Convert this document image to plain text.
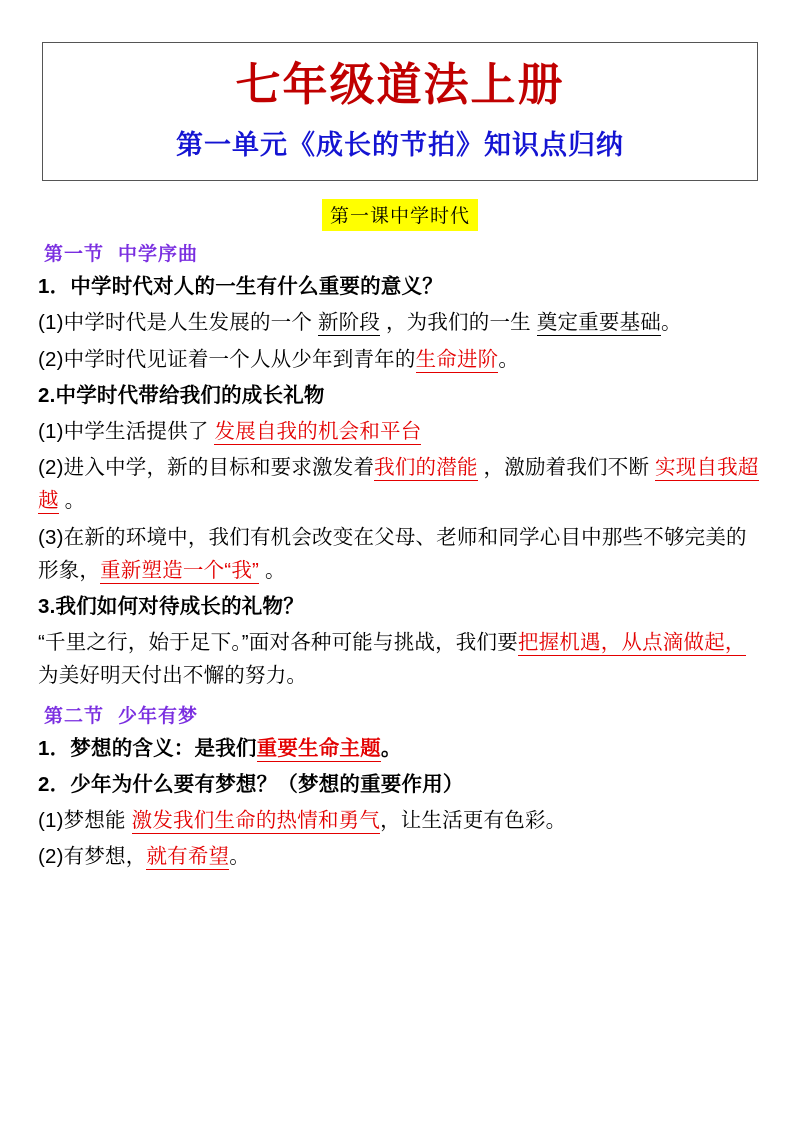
七年级道法上册
第一单元《成长的节拍》知识点归纳
第一课中学时代
第一节 中学序曲
1．中学时代对人的一生有什么重要的意义？
(1)中学时代是人生发展的一个 新阶段 ，为我们的一生 奠定重要基础。
(2)中学时代见证着一个人从少年到青年的生命进阶。
2.中学时代带给我们的成长礼物
(1)中学生活提供了 发展自我的机会和平台
(2)进入中学，新的目标和要求激发着我们的潜能 ，激励着我们不断 实现自我超越 。
(3)在新的环境中，我们有机会改变在父母、老师和同学心目中那些不够完美的形象，重新塑造一个“我” 。
3.我们如何对待成长的礼物？
“千里之行，始于足下。”面对各种可能与挑战，我们要把握机遇，从点滴做起， 为美好明天付出不懈的努力。
第二节 少年有梦
1．梦想的含义：是我们重要生命主题。
2．少年为什么要有梦想？（梦想的重要作用）
(1)梦想能 激发我们生命的热情和勇气，让生活更有色彩。
(2)有梦想，就有希望。
